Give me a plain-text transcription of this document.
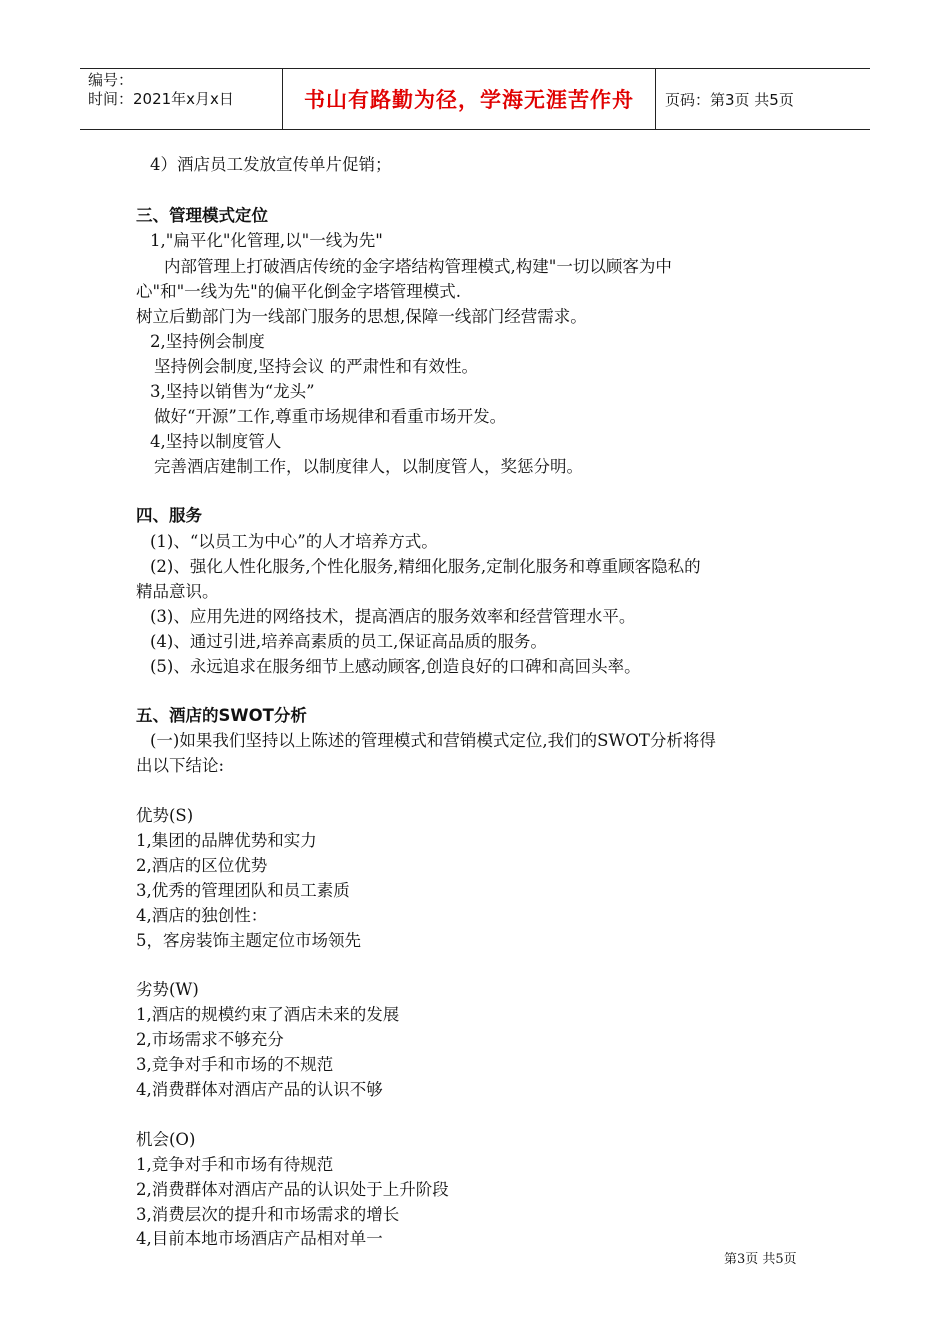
编号：
时间：2021年x月x日	书山有路勤为径，学海无涯苦作舟	页码：第3页 共5页
4）酒店员工发放宣传单片促销；
三、管理模式定位
1,"扁平化"化管理,以"一线为先"
内部管理上打破酒店传统的金字塔结构管理模式,构建"一切以顾客为中
心"和"一线为先"的偏平化倒金字塔管理模式.
树立后勤部门为一线部门服务的思想,保障一线部门经营需求。
2,坚持例会制度
坚持例会制度,坚持会议 的严肃性和有效性。
3,坚持以销售为“龙头”
做好“开源”工作,尊重市场规律和看重市场开发。
4,坚持以制度管人
完善酒店建制工作，以制度律人，以制度管人，奖惩分明。
四、服务
(1)、“以员工为中心”的人才培养方式。
(2)、强化人性化服务,个性化服务,精细化服务,定制化服务和尊重顾客隐私的
精品意识。
(3)、应用先进的网络技术，提高酒店的服务效率和经营管理水平。
(4)、通过引进,培养高素质的员工,保证高品质的服务。
(5)、永远追求在服务细节上感动顾客,创造良好的口碑和高回头率。
五、酒店的SWOT分析
(一)如果我们坚持以上陈述的管理模式和营销模式定位,我们的SWOT分析将得
出以下结论:
优势(S)
1,集团的品牌优势和实力
2,酒店的区位优势
3,优秀的管理团队和员工素质
4,酒店的独创性：
5，客房装饰主题定位市场领先
劣势(W)
1,酒店的规模约束了酒店未来的发展
2,市场需求不够充分
3,竞争对手和市场的不规范
4,消费群体对酒店产品的认识不够
机会(O)
1,竞争对手和市场有待规范
2,消费群体对酒店产品的认识处于上升阶段
3,消费层次的提升和市场需求的增长
4,目前本地市场酒店产品相对单一
第3页 共5页
